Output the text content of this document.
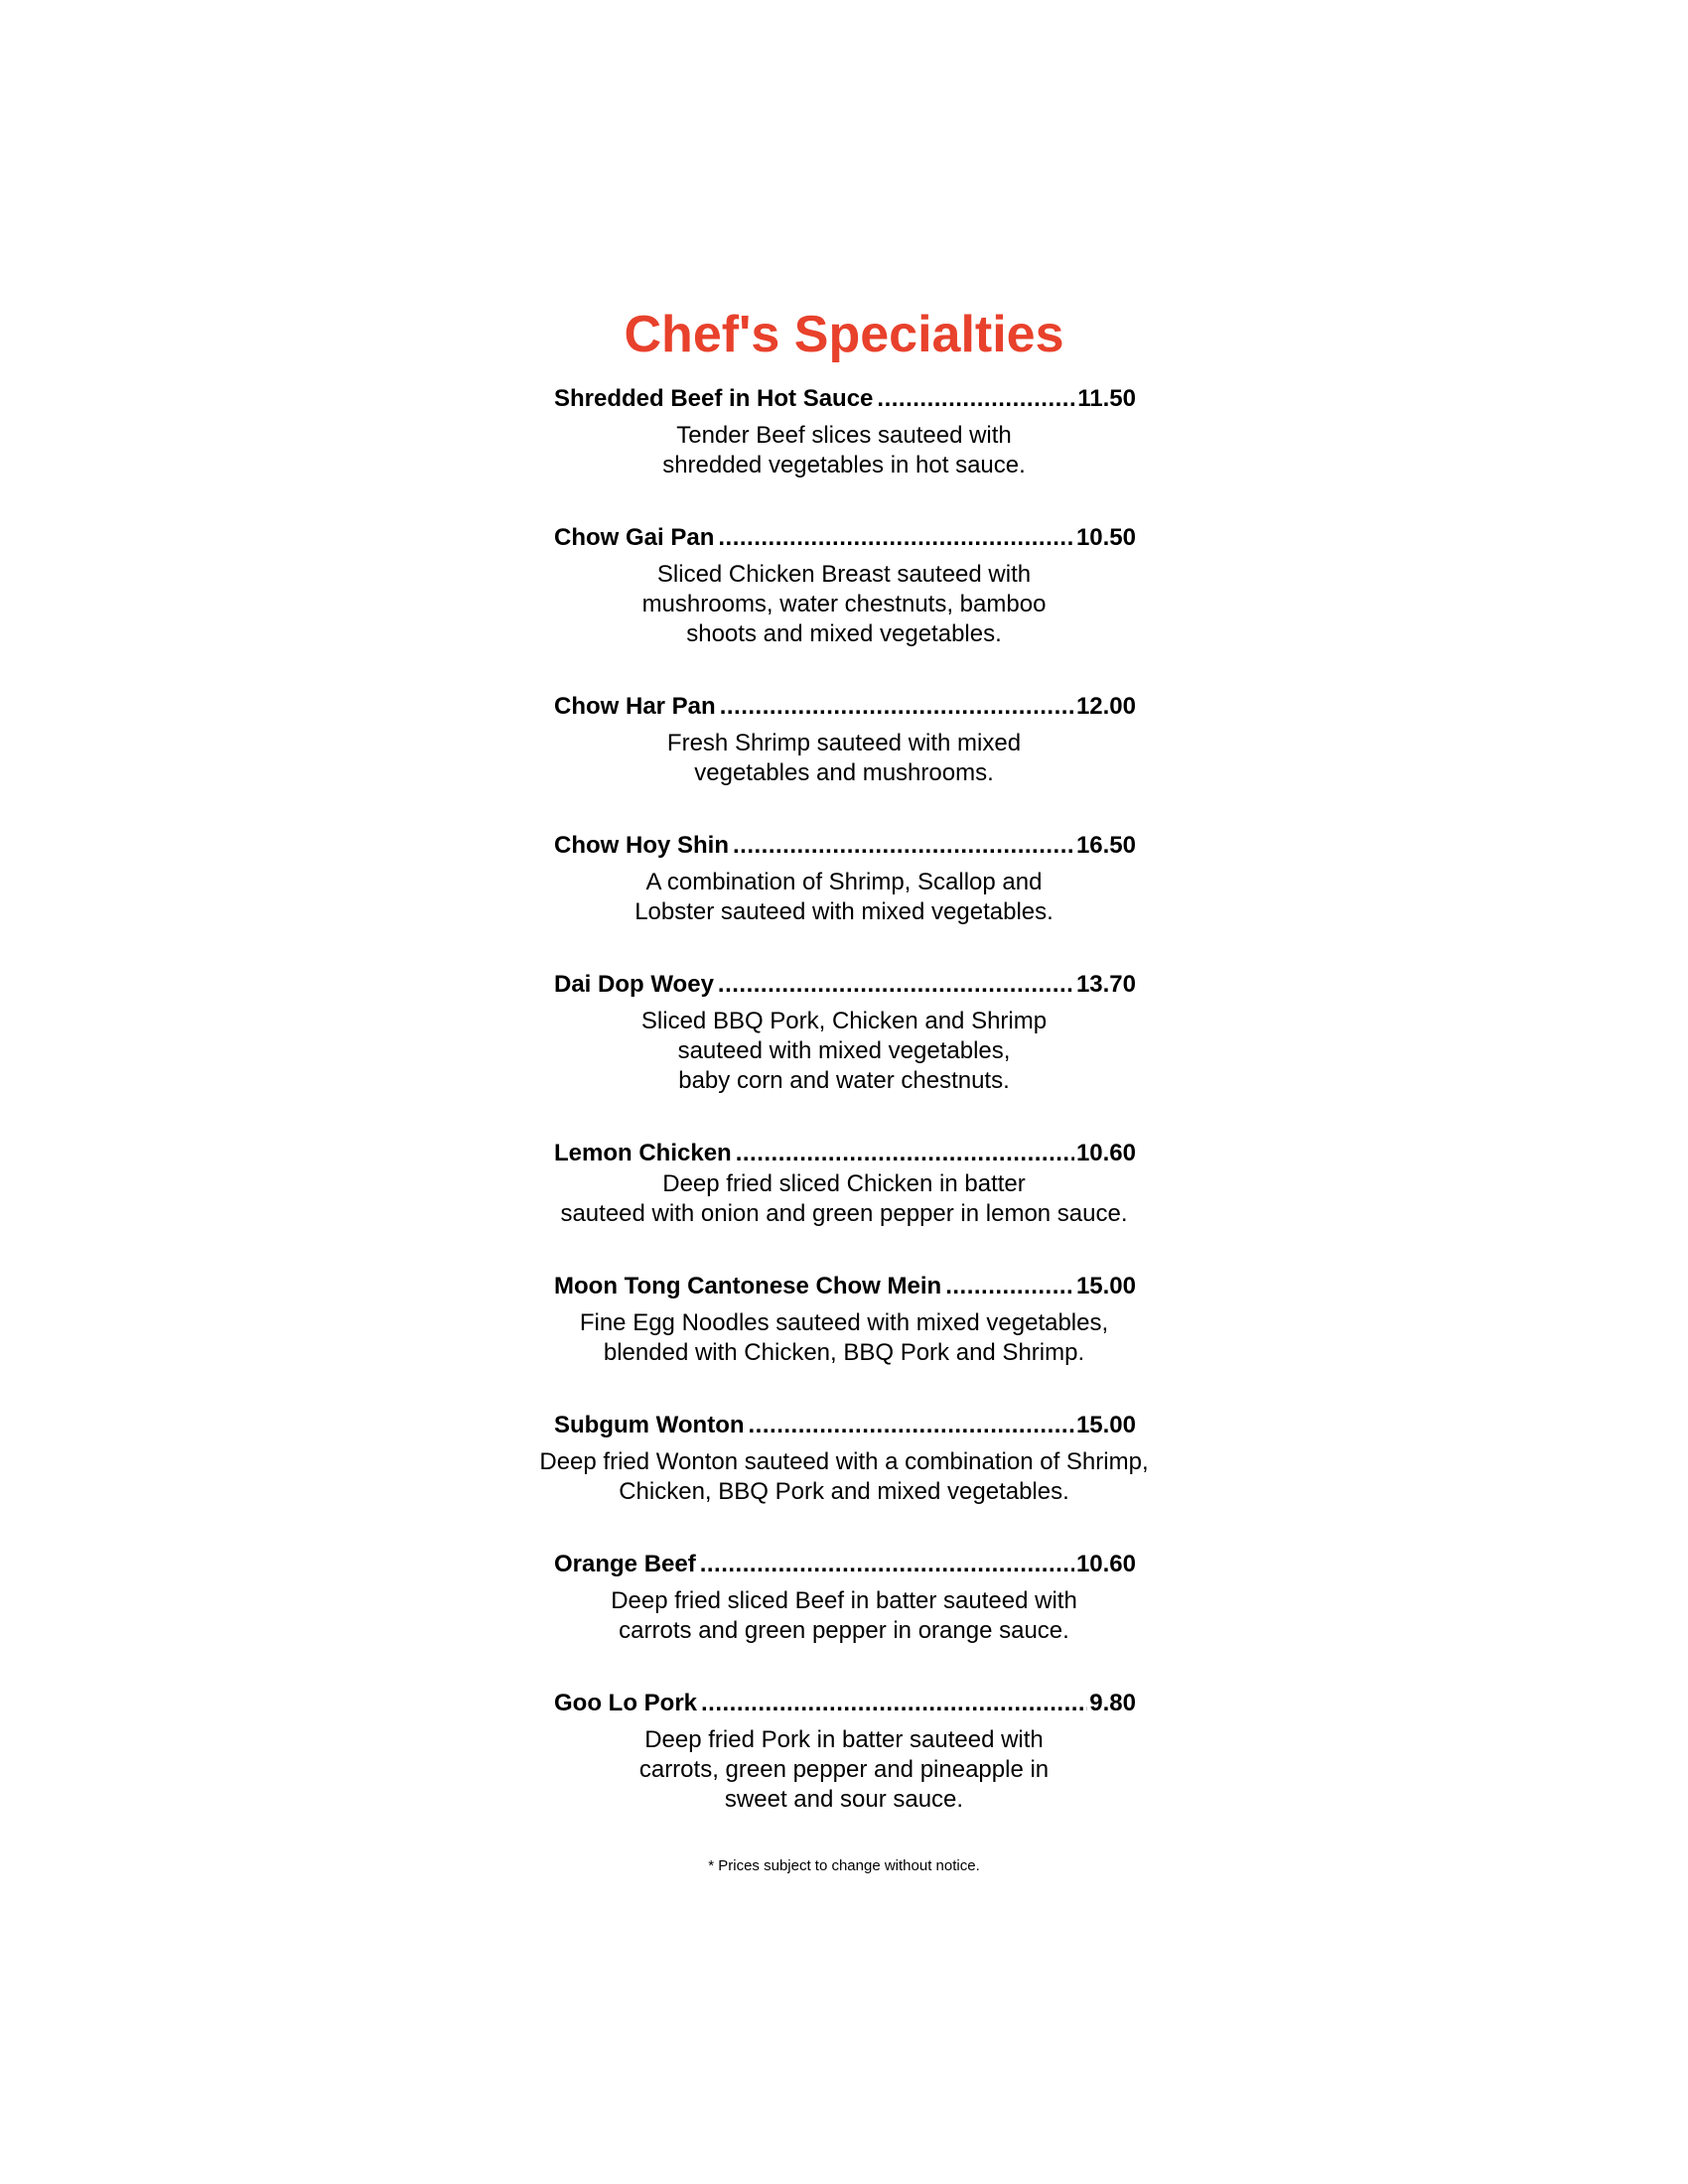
Chef's Specialties
Shredded Beef in Hot Sauce .....	11.50
Tender Beef slices sauteed with
shredded vegetables in hot sauce.
Chow Gai Pan .....	10.50
Sliced Chicken Breast sauteed with
mushrooms, water chestnuts, bamboo
shoots and mixed vegetables.
Chow Har Pan .....	12.00
Fresh Shrimp sauteed with mixed
vegetables and mushrooms.
Chow Hoy Shin .....	16.50
A combination of Shrimp, Scallop and
Lobster sauteed with mixed vegetables.
Dai Dop Woey .....	13.70
Sliced BBQ Pork, Chicken and Shrimp
sauteed with mixed vegetables,
baby corn and water chestnuts.
Lemon Chicken .....	10.60
Deep fried sliced Chicken in batter
sauteed with onion and green pepper in lemon sauce.
Moon Tong Cantonese Chow Mein .....	15.00
Fine Egg Noodles sauteed with mixed vegetables,
blended with Chicken, BBQ Pork and Shrimp.
Subgum Wonton .....	15.00
Deep fried Wonton sauteed with a combination of Shrimp,
Chicken, BBQ Pork and mixed vegetables.
Orange Beef .....	10.60
Deep fried sliced Beef in batter sauteed with
carrots and green pepper in orange sauce.
Goo Lo Pork .....	9.80
Deep fried Pork in batter sauteed with
carrots, green pepper and pineapple in
sweet and sour sauce.
* Prices subject to change without notice.
